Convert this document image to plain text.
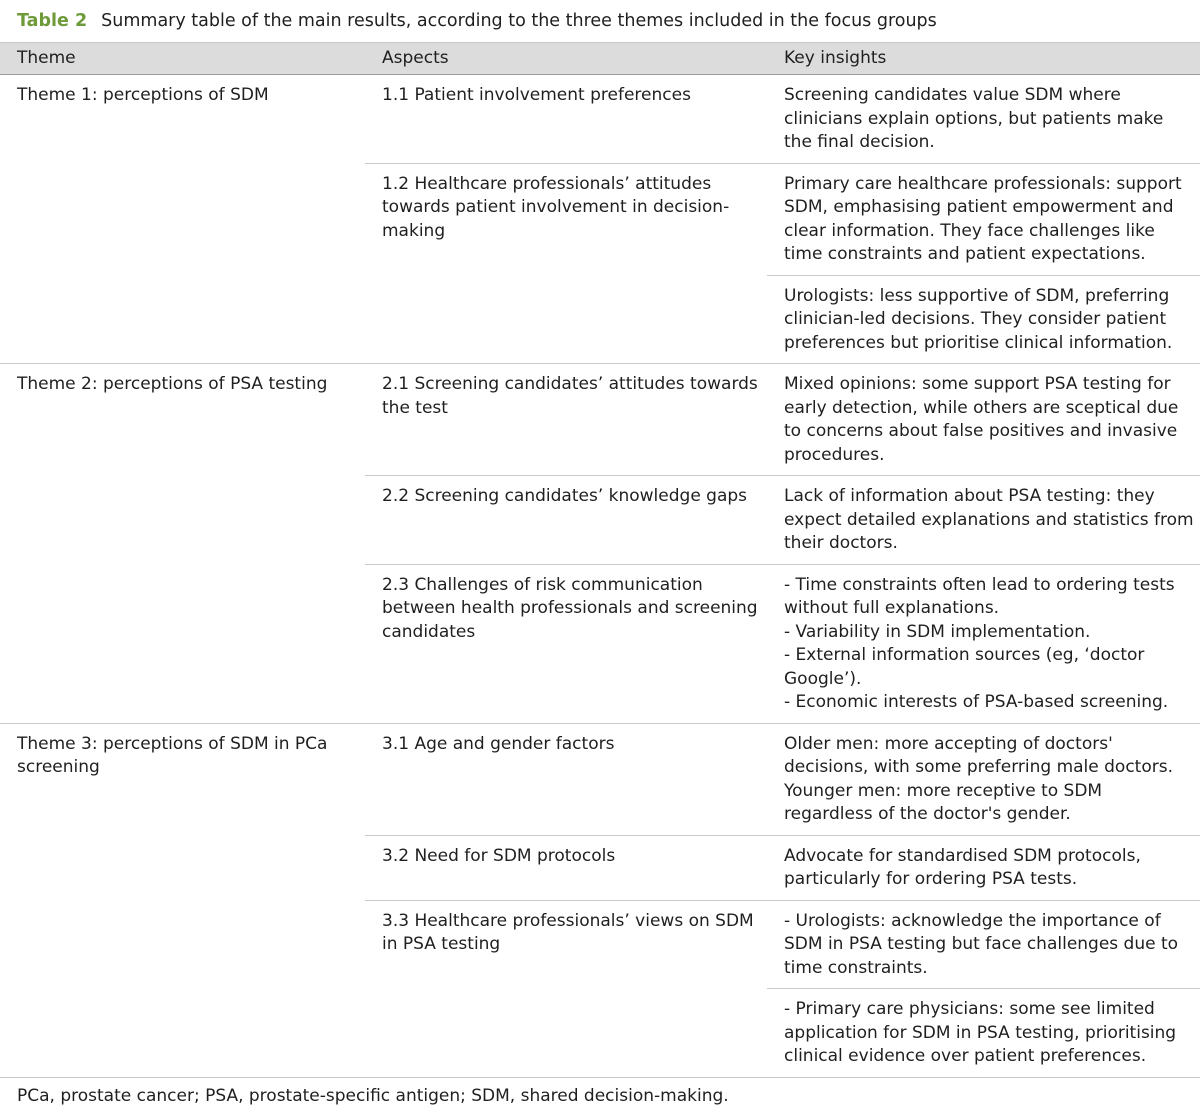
Table 2 Summary table of the main results, according to the three themes included in the focus groups
Theme	Aspects	Key insights

Theme 1: perceptions of SDM	1.1 Patient involvement preferences	Screening candidates value SDM where clinicians explain options, but patients make the final decision.

	1.2 Healthcare professionals’ attitudes towards patient involvement in decision-making	Primary care healthcare professionals: support SDM, emphasising patient empowerment and clear information. They face challenges like time constraints and patient expectations.

		Urologists: less supportive of SDM, preferring clinician-led decisions. They consider patient preferences but prioritise clinical information.

Theme 2: perceptions of PSA testing	2.1 Screening candidates’ attitudes towards the test	Mixed opinions: some support PSA testing for early detection, while others are sceptical due to concerns about false positives and invasive procedures.

	2.2 Screening candidates’ knowledge gaps	Lack of information about PSA testing: they expect detailed explanations and statistics from their doctors.

	2.3 Challenges of risk communication between health professionals and screening candidates	- Time constraints often lead to ordering tests without full explanations.
- Variability in SDM implementation.
- External information sources (eg, ‘doctor Google’).
- Economic interests of PSA-based screening.

Theme 3: perceptions of SDM in PCa screening	3.1 Age and gender factors	Older men: more accepting of doctors' decisions, with some preferring male doctors.
Younger men: more receptive to SDM regardless of the doctor's gender.

	3.2 Need for SDM protocols	Advocate for standardised SDM protocols, particularly for ordering PSA tests.

	3.3 Healthcare professionals’ views on SDM in PSA testing	- Urologists: acknowledge the importance of SDM in PSA testing but face challenges due to time constraints.

		- Primary care physicians: some see limited application for SDM in PSA testing, prioritising clinical evidence over patient preferences.
PCa, prostate cancer; PSA, prostate-specific antigen; SDM, shared decision-making.
